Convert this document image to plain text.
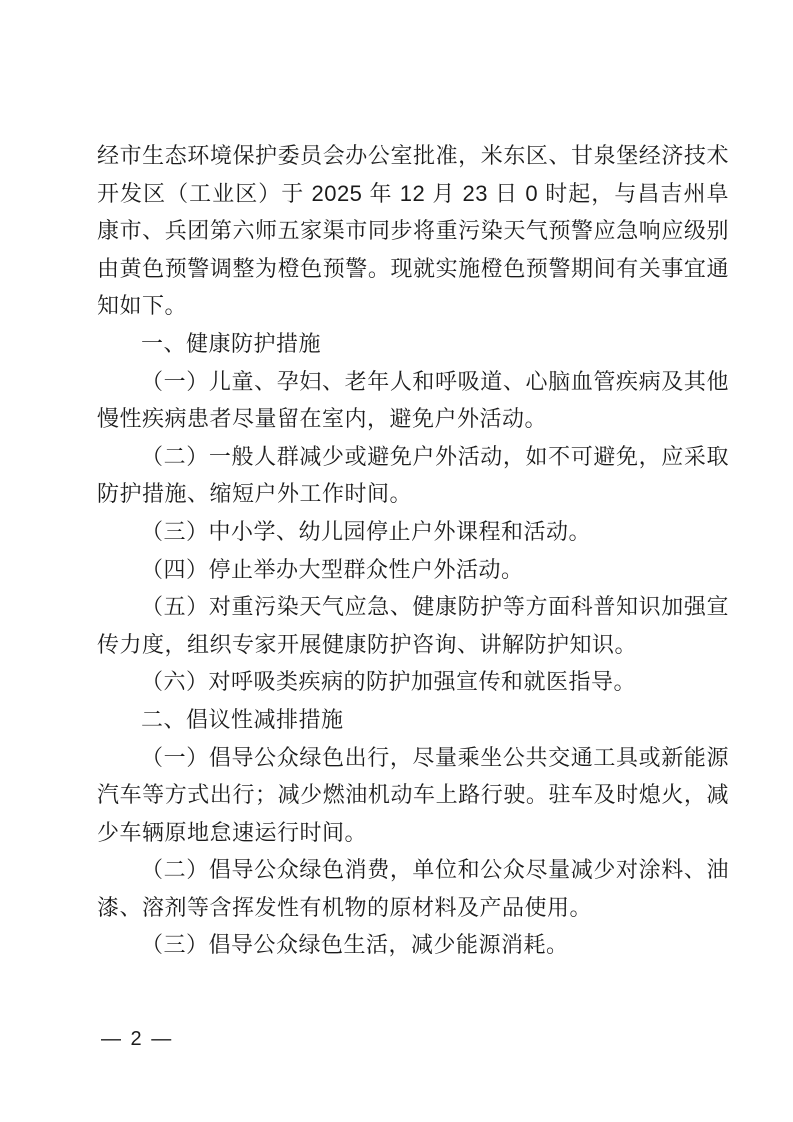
经市生态环境保护委员会办公室批准，米东区、甘泉堡经济技术开发区（工业区）于 2025 年 12 月 23 日 0 时起，与昌吉州阜康市、兵团第六师五家渠市同步将重污染天气预警应急响应级别由黄色预警调整为橙色预警。现就实施橙色预警期间有关事宜通知如下。

一、健康防护措施

（一）儿童、孕妇、老年人和呼吸道、心脑血管疾病及其他慢性疾病患者尽量留在室内，避免户外活动。

（二）一般人群减少或避免户外活动，如不可避免，应采取防护措施、缩短户外工作时间。

（三）中小学、幼儿园停止户外课程和活动。

（四）停止举办大型群众性户外活动。

（五）对重污染天气应急、健康防护等方面科普知识加强宣传力度，组织专家开展健康防护咨询、讲解防护知识。

（六）对呼吸类疾病的防护加强宣传和就医指导。

二、倡议性减排措施

（一）倡导公众绿色出行，尽量乘坐公共交通工具或新能源汽车等方式出行；减少燃油机动车上路行驶。驻车及时熄火，减少车辆原地怠速运行时间。

（二）倡导公众绿色消费，单位和公众尽量减少对涂料、油漆、溶剂等含挥发性有机物的原材料及产品使用。

（三）倡导公众绿色生活，减少能源消耗。

— 2 —
